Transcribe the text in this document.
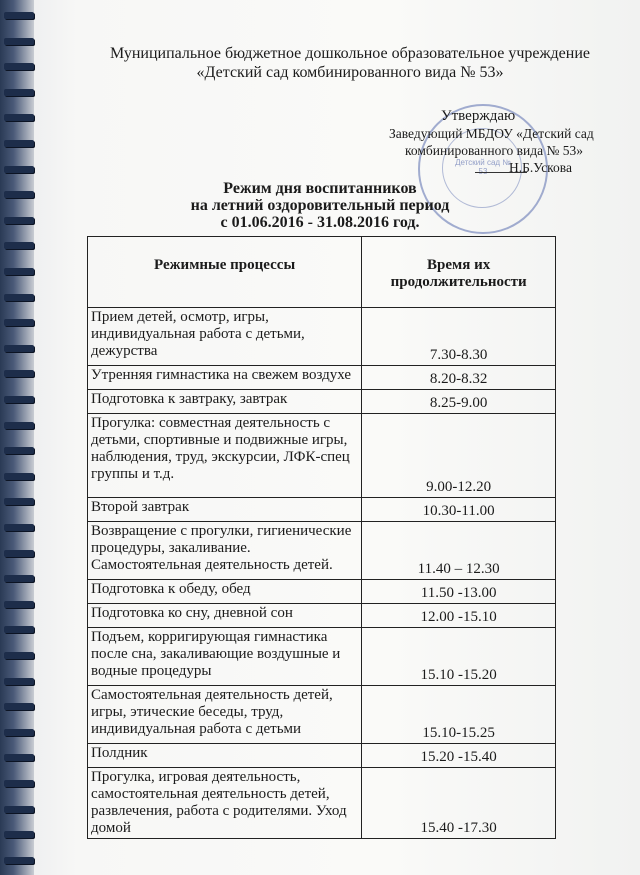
Муниципальное бюджетное дошкольное образовательное учреждение
«Детский сад комбинированного вида № 53»
Детский сад № 53
Утверждаю
Заведующий МБДОУ «Детский сад
комбинированного вида № 53»
Н.Б.Ускова
Режим дня воспитанников
на летний оздоровительный период
с 01.06.2016 - 31.08.2016 год.
Режимные процессы	Время их продолжительности
Прием детей, осмотр, игры, индивидуальная работа с детьми, дежурства	7.30-8.30
Утренняя гимнастика на свежем воздухе	8.20-8.32
Подготовка к завтраку, завтрак	8.25-9.00
Прогулка: совместная деятельность с детьми, спортивные и подвижные игры, наблюдения, труд, экскурсии, ЛФК-спец группы и т.д.	9.00-12.20
Второй завтрак	10.30-11.00
Возвращение с прогулки, гигиенические процедуры, закаливание. Самостоятельная деятельность детей.	11.40 – 12.30
Подготовка к обеду, обед	11.50 -13.00
Подготовка ко сну, дневной сон	12.00 -15.10
Подъем, корригирующая гимнастика после сна, закаливающие воздушные и водные процедуры	15.10 -15.20
Самостоятельная деятельность детей, игры, этические беседы, труд, индивидуальная работа с детьми	15.10-15.25
Полдник	15.20 -15.40
Прогулка, игровая деятельность, самостоятельная деятельность детей, развлечения, работа с родителями. Уход домой	15.40 -17.30
